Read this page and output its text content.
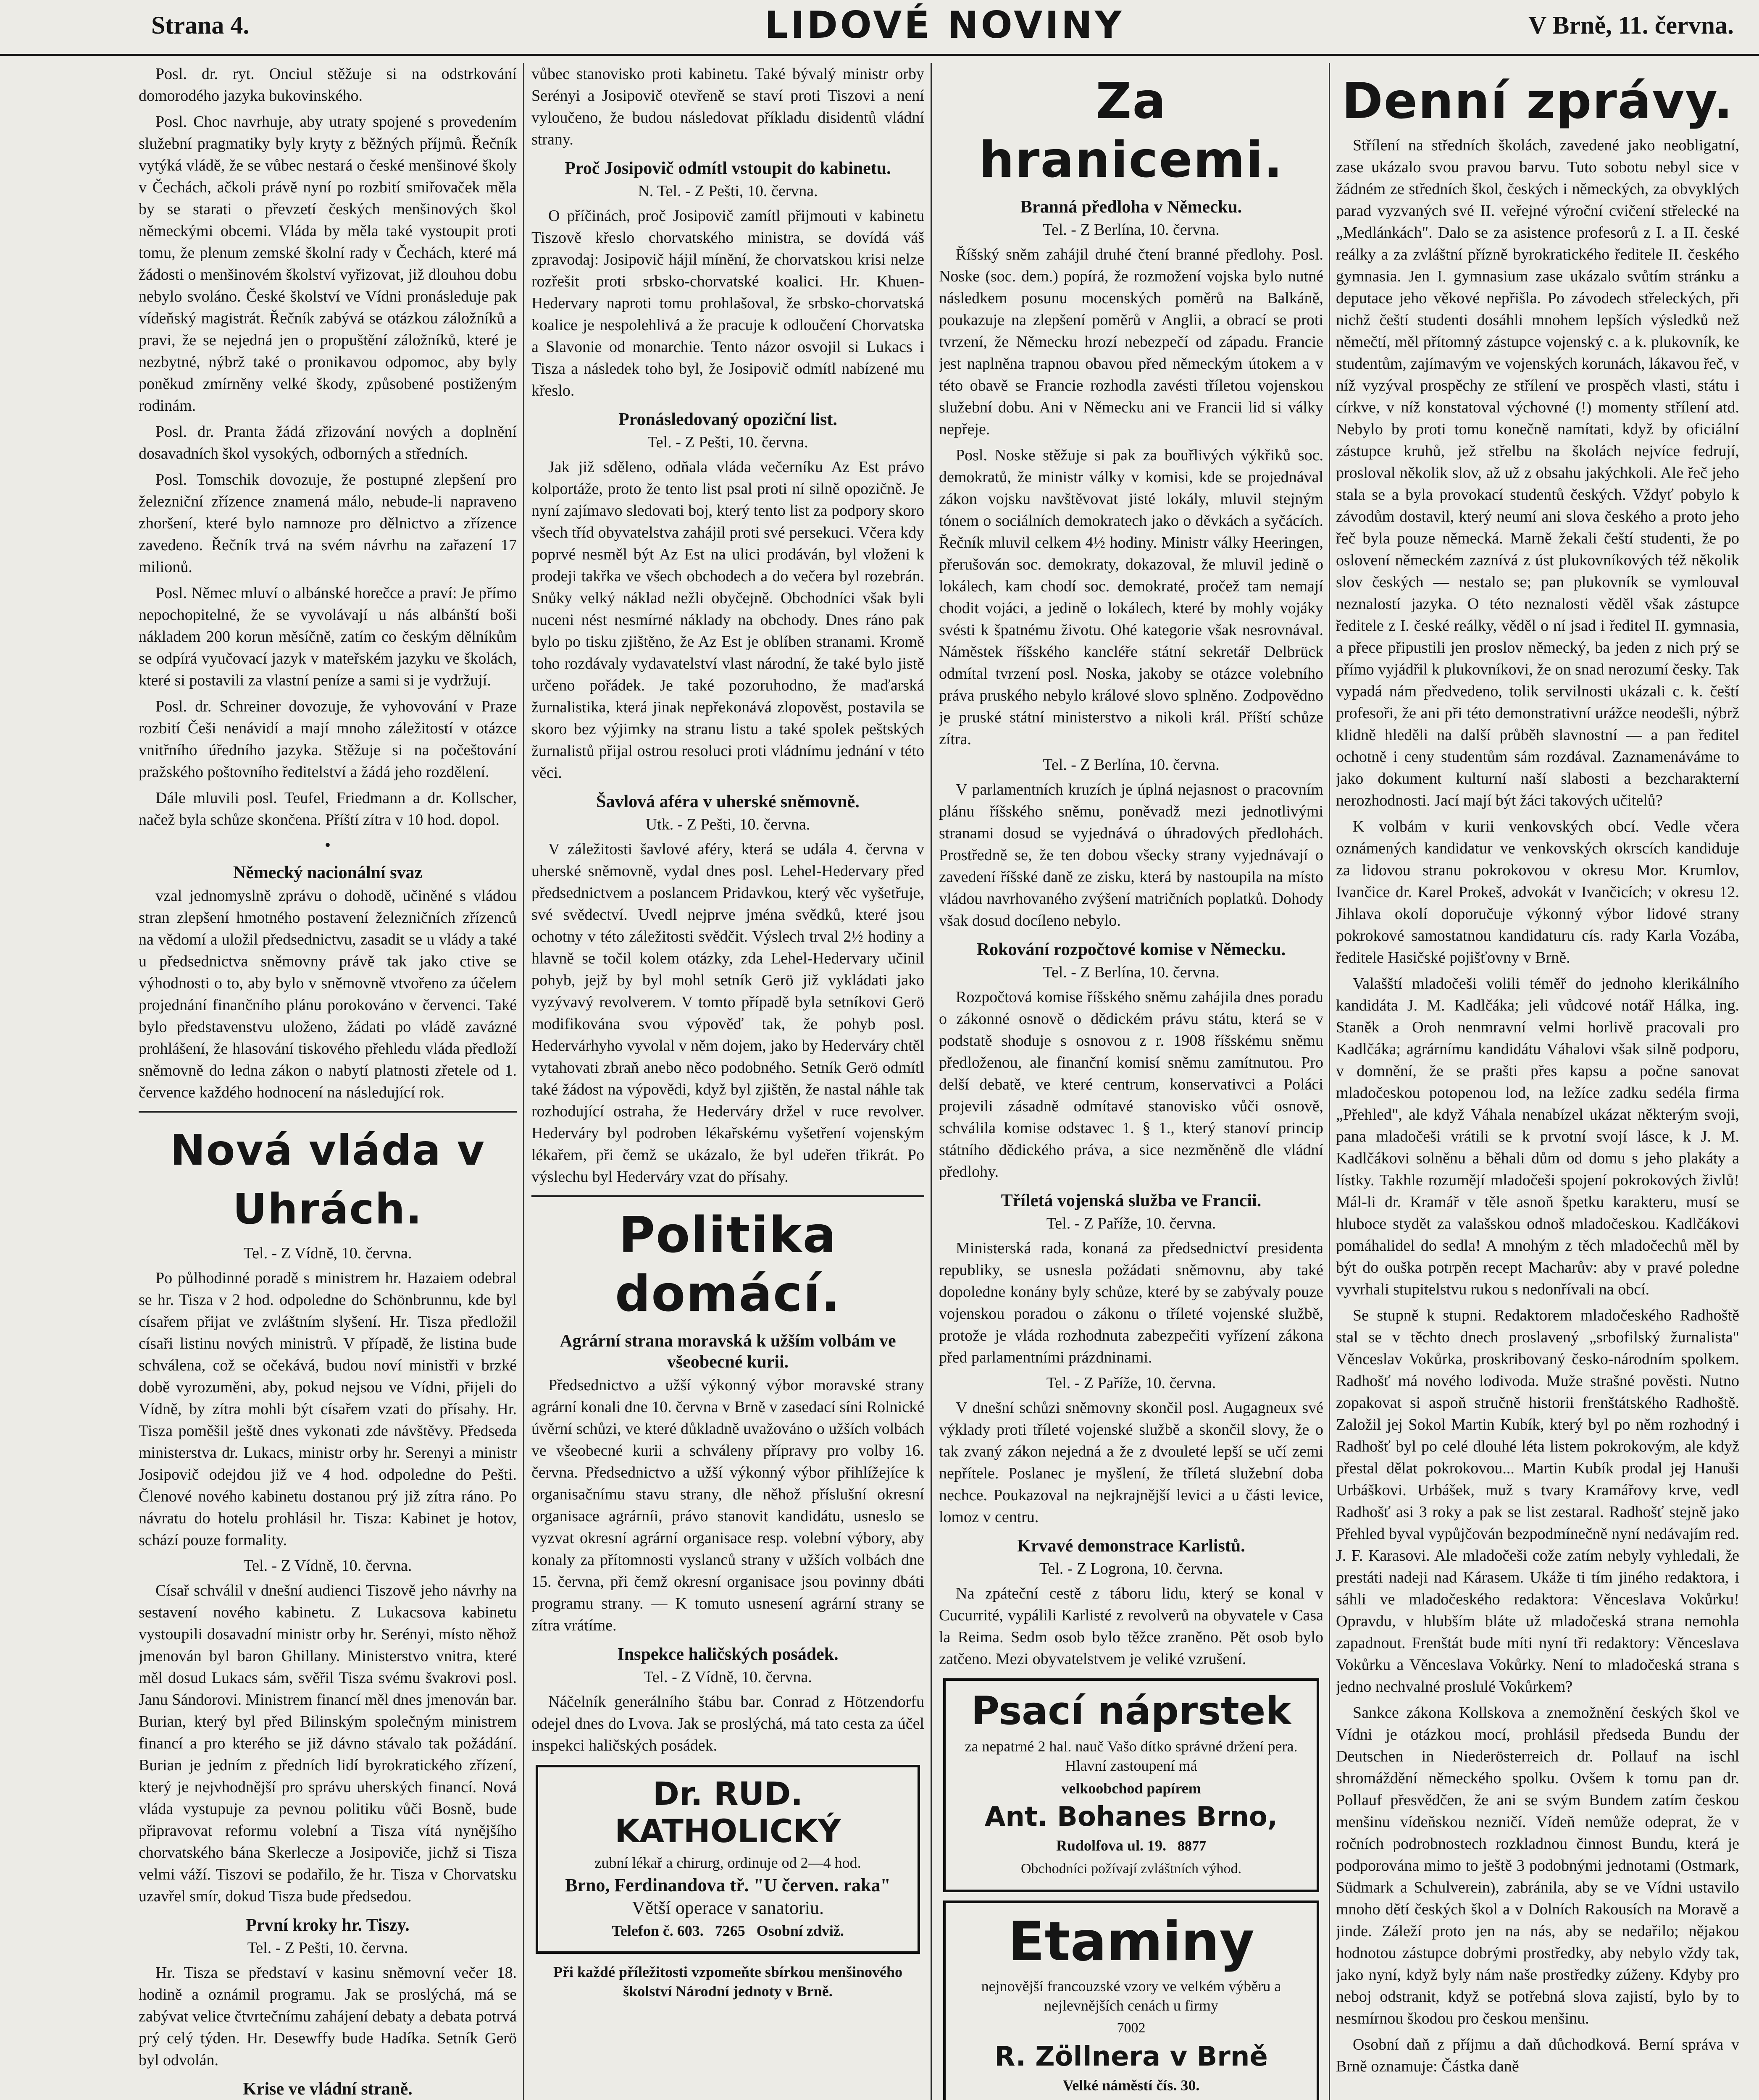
Strana 4.	LIDOVÉ NOVINY	V Brně, 11. června.

Posl. dr. ryt. Onciul stěžuje si na odstrkování domorodého jazyka bukovinského.

Posl. Choc navrhuje, aby utraty spojené s provedením služební pragmatiky byly kryty z běžných příjmů. Řečník vytýká vládě, že se vůbec nestará o české menšinové školy v Čechách, ačkoli právě nyní po rozbití smiřovaček měla by se starati o převzetí českých menšinových škol německými obcemi. Vláda by měla také vystoupit proti tomu, že plenum zemské školní rady v Čechách, které má žádosti o menšinovém školství vyřizovat, již dlouhou dobu nebylo svoláno. České školství ve Vídni pronásleduje pak vídeňský magistrát. Řečník zabývá se otázkou záložníků a pravi, že se nejedná jen o propuštění záložníků, které je nezbytné, nýbrž také o pronikavou odpomoc, aby byly poněkud zmírněny velké škody, způsobené postiženým rodinám.

Posl. dr. Pranta žádá zřizování nových a doplnění dosavadních škol vysokých, odborných a středních.

Posl. Tomschik dovozuje, že postupné zlepšení pro železniční zřízence znamená málo, nebude-li napraveno zhoršení, které bylo namnoze pro dělnictvo a zřízence zavedeno. Řečník trvá na svém návrhu na zařazení 17 milionů.

Posl. Němec mluví o albánské horečce a praví: Je přímo nepochopitelné, že se vyvolávají u nás albánští boši nákladem 200 korun měsíčně, zatím co českým dělníkům se odpírá vyučovací jazyk v mateřském jazyku ve školách, které si postavili za vlastní peníze a sami si je vydržují.

Posl. dr. Schreiner dovozuje, že vyhovování v Praze rozbití Češi nenávidí a mají mnoho záležitostí v otázce vnitřního úředního jazyka. Stěžuje si na počeštování pražského poštovního ředitelství a žádá jeho rozdělení.

Dále mluvili posl. Teufel, Friedmann a dr. Kollscher, načež byla schůze skončena. Příští zítra v 10 hod. dopol.

•
Německý nacionální svaz

vzal jednomyslně zprávu o dohodě, učiněné s vládou stran zlepšení hmotného postavení železničních zřízenců na vědomí a uložil předsednictvu, zasadit se u vlády a také u předsednictva sněmovny právě tak jako ctive se výhodnosti o to, aby bylo v sněmovně vtvořeno za účelem projednání finančního plánu porokováno v červenci. Také bylo představenstvu uloženo, žádati po vládě zavázné prohlášení, že hlasování tiskového přehledu vláda předloží sněmovně do ledna zákon o nabytí platnosti zřetele od 1. července každého hodnocení na následující rok.

Nová vláda v Uhrách.
Tel. - Z Vídně, 10. června.

Po půlhodinné poradě s ministrem hr. Hazaiem odebral se hr. Tisza v 2 hod. odpoledne do Schönbrunnu, kde byl císařem přijat ve zvláštním slyšení. Hr. Tisza předložil císaři listinu nových ministrů. V případě, že listina bude schválena, což se očekává, budou noví ministři v brzké době vyrozuměni, aby, pokud nejsou ve Vídni, přijeli do Vídně, by zítra mohli být císařem vzati do přísahy. Hr. Tisza poměšil ještě dnes vykonati zde návštěvy. Předseda ministerstva dr. Lukacs, ministr orby hr. Serenyi a ministr Josipovič odejdou již ve 4 hod. odpoledne do Pešti. Členové nového kabinetu dostanou prý již zítra ráno. Po návratu do hotelu prohlásil hr. Tisza: Kabinet je hotov, schází pouze formality.

Tel. - Z Vídně, 10. června.

Císař schválil v dnešní audienci Tiszově jeho návrhy na sestavení nového kabinetu. Z Lukacsova kabinetu vystoupili dosavadní ministr orby hr. Serényi, místo něhož jmenován byl baron Ghillany. Ministerstvo vnitra, které měl dosud Lukacs sám, svěřil Tisza svému švakrovi posl. Janu Sándorovi. Ministrem financí měl dnes jmenován bar. Burian, který byl před Bilinským společným ministrem financí a pro kterého se již dávno stávalo tak požádání. Burian je jedním z předních lidí byrokratického zřízení, který je nejvhodnější pro správu uherských financí. Nová vláda vystupuje za pevnou politiku vůči Bosně, bude připravovat reformu volební a Tisza vítá nynějšího chorvatského bána Skerlecze a Josipoviče, jichž si Tisza velmi váží. Tiszovi se podařilo, že hr. Tisza v Chorvatsku uzavřel smír, dokud Tisza bude předsedou.

První kroky hr. Tiszy.
Tel. - Z Pešti, 10. června.

Hr. Tisza se představí v kasinu sněmovní večer 18. hodině a oznámil programu. Jak se proslýchá, má se zabývat velice čtvrtečnímu zahájení debaty a debata potrvá prý celý týden. Hr. Desewffy bude Hadíka. Setník Gerö byl odvolán.

Krise ve vládní straně.

vůbec stanovisko proti kabinetu. Také bývalý ministr orby Serényi a Josipovič otevřeně se staví proti Tiszovi a není vyloučeno, že budou následovat příkladu disidentů vládní strany.

Proč Josipovič odmítl vstoupit do kabinetu.
N. Tel. - Z Pešti, 10. června.

O příčinách, proč Josipovič zamítl přijmouti v kabinetu Tiszově křeslo chorvatského ministra, se dovídá váš zpravodaj: Josipovič hájil mínění, že chorvatskou krisi nelze rozřešit proti srbsko-chorvatské koalici. Hr. Khuen-Hedervary naproti tomu prohlašoval, že srbsko-chorvatská koalice je nespolehlivá a že pracuje k odloučení Chorvatska a Slavonie od monarchie. Tento názor osvojil si Lukacs i Tisza a následek toho byl, že Josipovič odmítl nabízené mu křeslo.

Pronásledovaný opoziční list.
Tel. - Z Pešti, 10. června.

Jak již sděleno, odňala vláda večerníku Az Est právo kolportáže, proto že tento list psal proti ní silně opozičně. Je nyní zajímavo sledovati boj, který tento list za podpory skoro všech tříd obyvatelstva zahájil proti své persekuci. Včera kdy poprvé nesměl být Az Est na ulici prodáván, byl vloženi k prodeji takřka ve všech obchodech a do večera byl rozebrán. Snůky velký náklad nežli obyčejně. Obchodníci však byli nuceni nést nesmírné náklady na obchody. Dnes ráno pak bylo po tisku zjištěno, že Az Est je oblíben stranami. Kromě toho rozdávaly vydavatelství vlast národní, že také bylo jistě určeno pořádek. Je také pozoruhodno, že maďarská žurnalistika, která jinak nepřekonává zlopověst, postavila se skoro bez výjimky na stranu listu a také spolek peštských žurnalistů přijal ostrou resoluci proti vládnímu jednání v této věci.

Šavlová aféra v uherské sněmovně.
Utk. - Z Pešti, 10. června.

V záležitosti šavlové aféry, která se udála 4. června v uherské sněmovně, vydal dnes posl. Lehel-Hedervary před předsednictvem a poslancem Pridavkou, který věc vyšetřuje, své svědectví. Uvedl nejprve jména svědků, které jsou ochotny v této záležitosti svědčit. Výslech trval 2½ hodiny a hlavně se točil kolem otázky, zda Lehel-Hedervary učinil pohyb, jejž by byl mohl setník Gerö již vykládati jako vyzývavý revolverem. V tomto případě byla setníkovi Gerö modifikována svou výpověď tak, že pohyb posl. Hedervárhyho vyvolal v něm dojem, jako by Hederváry chtěl vytahovati zbraň anebo něco podobného. Setník Gerö odmítl také žádost na výpovědi, když byl zjištěn, že nastal náhle tak rozhodující ostraha, že Hederváry držel v ruce revolver. Hederváry byl podroben lékařskému vyšetření vojenským lékařem, při čemž se ukázalo, že byl udeřen třikrát. Po výslechu byl Hederváry vzat do přísahy.

Politika domácí.
Agrární strana moravská k užším volbám ve všeobecné kurii.

Předsednictvo a užší výkonný výbor moravské strany agrární konali dne 10. června v Brně v zasedací síni Rolnické úvěrní schůzi, ve které důkladně uvažováno o užších volbách ve všeobecné kurii a schváleny přípravy pro volby 16. června. Předsednictvo a užší výkonný výbor přihlížejíce k organisačnímu stavu strany, dle něhož příslušní okresní organisace agrárníi, právo stanovit kandidátu, usneslo se vyzvat okresní agrární organisace resp. volební výbory, aby konaly za přítomnosti vyslanců strany v užších volbách dne 15. června, při čemž okresní organisace jsou povinny dbáti programu strany. — K tomuto usnesení agrární strany se zítra vrátíme.

Inspekce haličských posádek.
Tel. - Z Vídně, 10. června.

Náčelník generálního štábu bar. Conrad z Hötzendorfu odejel dnes do Lvova. Jak se proslýchá, má tato cesta za účel inspekci haličských posádek.

Dr. RUD. KATHOLICKÝ

zubní lékař a chirurg, ordinuje od 2—4 hod.

Brno, Ferdinandova tř. "U červen. raka"

Větší operace v sanatoriu.

Telefon č. 603. 7265 Osobní zdviž.

Při každé příležitosti vzpomeňte sbírkou menšinového školství Národní jednoty v Brně.
Za hranicemi.
Branná předloha v Německu.
Tel. - Z Berlína, 10. června.

Říšský sněm zahájil druhé čtení branné předlohy. Posl. Noske (soc. dem.) popírá, že rozmožení vojska bylo nutné následkem posunu mocenských poměrů na Balkáně, poukazuje na zlepšení poměrů v Anglii, a obrací se proti tvrzení, že Německu hrozí nebezpečí od západu. Francie jest naplněna trapnou obavou před německým útokem a v této obavě se Francie rozhodla zavésti tříletou vojenskou služební dobu. Ani v Německu ani ve Francii lid si války nepřeje.

Posl. Noske stěžuje si pak za bouřlivých výkřiků soc. demokratů, že ministr války v komisi, kde se projednával zákon vojsku navštěvovat jisté lokály, mluvil stejným tónem o sociálních demokratech jako o děvkách a syčácích. Řečník mluvil celkem 4½ hodiny. Ministr války Heeringen, přerušován soc. demokraty, dokazoval, že mluvil jedině o lokálech, kam chodí soc. demokraté, pročež tam nemají chodit vojáci, a jedině o lokálech, které by mohly vojáky svésti k špatnému životu. Ohé kategorie však nesrovnával. Náměstek říšského kancléře státní sekretář Delbrück odmítal tvrzení posl. Noska, jakoby se otázce volebního práva pruského nebylo králové slovo splněno. Zodpovědno je pruské státní ministerstvo a nikoli král. Příští schůze zítra.

Tel. - Z Berlína, 10. června.

V parlamentních kruzích je úplná nejasnost o pracovním plánu říšského sněmu, poněvadž mezi jednotlivými stranami dosud se vyjednává o úhradových předlohách. Prostředně se, že ten dobou všecky strany vyjednávají o zavedení říšské daně ze zisku, která by nastoupila na místo vládou navrhovaného zvýšení matričních poplatků. Dohody však dosud docíleno nebylo.

Rokování rozpočtové komise v Německu.
Tel. - Z Berlína, 10. června.

Rozpočtová komise říšského sněmu zahájila dnes poradu o zákonné osnově o dědickém právu státu, která se v podstatě shoduje s osnovou z r. 1908 říšskému sněmu předloženou, ale finanční komisí sněmu zamítnutou. Pro delší debatě, ve které centrum, konservativci a Poláci projevili zásadně odmítavé stanovisko vůči osnově, schválila komise odstavec 1. § 1., který stanoví princip státního dědického práva, a sice nezměněně dle vládní předlohy.

Tříletá vojenská služba ve Francii.
Tel. - Z Paříže, 10. června.

Ministerská rada, konaná za předsednictví presidenta republiky, se usnesla požádati sněmovnu, aby také dopoledne konány byly schůze, které by se zabývaly pouze vojenskou poradou o zákonu o tříleté vojenské službě, protože je vláda rozhodnuta zabezpečiti vyřízení zákona před parlamentními prázdninami.

Tel. - Z Paříže, 10. června.

V dnešní schůzi sněmovny skončil posl. Augagneux své výklady proti tříleté vojenské službě a skončil slovy, že o tak zvaný zákon nejedná a že z dvouleté lepší se učí zemi nepřítele. Poslanec je myšlení, že tříletá služební doba nechce. Poukazoval na nejkrajnější levici a u části levice, lomoz v centru.

Krvavé demonstrace Karlistů.
Tel. - Z Logrona, 10. června.

Na zpáteční cestě z táboru lidu, který se konal v Cucurrité, vypálili Karlisté z revolverů na obyvatele v Casa la Reima. Sedm osob bylo těžce zraněno. Pět osob bylo zatčeno. Mezi obyvatelstvem je veliké vzrušení.

Psací náprstek

za nepatrné 2 hal. nauč Vašo dítko správné držení pera. Hlavní zastoupení má

velkoobchod papírem

Ant. Bohanes Brno,

Rudolfova ul. 19. 8877

Obchodníci požívají zvláštních výhod.

Etaminy

nejnovější francouzské vzory ve velkém výběru a nejlevnějších cenách u firmy

7002

R. Zöllnera v Brně

Velké náměstí čís. 30.

Denní zprávy.

Střílení na středních školách, zavedené jako neobligatní, zase ukázalo svou pravou barvu. Tuto sobotu nebyl sice v žádném ze středních škol, českých i německých, za obvyklých parad vyzvaných své II. veřejné výroční cvičení střelecké na „Medlánkách". Dalo se za asistence profesorů z I. a II. české reálky a za zvláštní přízně byrokratického ředitele II. českého gymnasia. Jen I. gymnasium zase ukázalo svůtím stránku a deputace jeho věkové nepřišla. Po závodech střeleckých, při nichž čeští studenti dosáhli mnohem lepších výsledků než němečtí, měl přítomný zástupce vojenský c. a k. plukovník, ke studentům, zajímavým ve vojenských korunách, lákavou řeč, v níž vyzýval prospěchy ze střílení ve prospěch vlasti, státu i církve, v níž konstatoval výchovné (!) momenty střílení atd. Nebylo by proti tomu konečně namítati, když by oficiální zástupce kruhů, jež střelbu na školách nejvíce fedrují, prosloval několik slov, až už z obsahu jakýchkoli. Ale řeč jeho stala se a byla provokací studentů českých. Vždyť pobylo k závodům dostavil, který neumí ani slova českého a proto jeho řeč byla pouze německá. Marně žekali čeští studenti, že po oslovení německém zaznívá z úst plukovníkových též několik slov českých — nestalo se; pan plukovník se vymlouval neznalostí jazyka. O této neznalosti věděl však zástupce ředitele z I. české reálky, věděl o ní jsad i ředitel II. gymnasia, a přece připustili jen proslov německý, ba jeden z nich prý se přímo vyjádřil k plukovníkovi, že on snad nerozumí česky. Tak vypadá nám předvedeno, tolik servilnosti ukázali c. k. čeští profesoři, že ani při této demonstrativní urážce neodešli, nýbrž klidně hleděli na další průběh slavnostní — a pan ředitel ochotně i ceny studentům sám rozdával. Zaznamenáváme to jako dokument kulturní naší slabosti a bezcharakterní nerozhodnosti. Jací mají být žáci takových učitelů?

K volbám v kurii venkovských obcí. Vedle včera oznámených kandidatur ve venkovských okrscích kandiduje za lidovou stranu pokrokovou v okresu Mor. Krumlov, Ivančice dr. Karel Prokeš, advokát v Ivančicích; v okresu 12. Jihlava okolí doporučuje výkonný výbor lidové strany pokrokové samostatnou kandidaturu cís. rady Karla Vozába, ředitele Hasičské pojišťovny v Brně.

Valašští mladočeši volili téměř do jednoho klerikálního kandidáta J. M. Kadlčáka; jeli vůdcové notář Hálka, ing. Staněk a Oroh nenmravní velmi horlivě pracovali pro Kadlčáka; agrárnímu kandidátu Váhalovi však silně podporu, v domnění, že se prašti přes kapsu a počne sanovat mladočeskou potopenou lod, na ležíce zadku sedéla firma „Přehled", ale když Váhala nenabízel ukázat některým svoji, pana mladočeši vrátili se k prvotní svojí lásce, k J. M. Kadlčákovi solněnu a běhali dům od domu s jeho plakáty a lístky. Takhle rozumějí mladočeši spojení pokrokových živlů! Mál-li dr. Kramář v těle asnoň špetku karakteru, musí se hluboce stydět za valašskou odnoš mladočeskou. Kadlčákovi pomáhalidel do sedla! A mnohým z těch mladočechů měl by být do ouška potrpěn recept Macharův: aby v pravé poledne vyvrhali stupitelstvu rukou s nedonřívali na obcí.

Se stupně k stupni. Redaktorem mladočeského Radhoště stal se v těchto dnech proslavený „srbofilský žurnalista" Věnceslav Vokůrka, proskribovaný česko-národním spolkem. Radhošť má nového lodivoda. Muže strašné pověsti. Nutno zopakovat si aspoň stručně historii frenštátského Radhoště. Založil jej Sokol Martin Kubík, který byl po něm rozhodný i Radhošť byl po celé dlouhé léta listem pokrokovým, ale když přestal dělat pokrokovou... Martin Kubík prodal jej Hanuši Urbáškovi. Urbášek, muž s tvary Kramářovy krve, vedl Radhošť asi 3 roky a pak se list zestaral. Radhošť stejně jako Přehled byval vypůjčován bezpodmínečně nyní nedávajím red. J. F. Karasovi. Ale mladočeši cože zatím nebyly vyhledali, že prestáti nadeji nad Kárasem. Ukáže ti tím jiného redaktora, i sáhli ve mladočeského redaktora: Věnceslava Vokůrku! Opravdu, v hlubším bláte už mladočeská strana nemohla zapadnout. Frenštát bude míti nyní tři redaktory: Věnceslava Vokůrku a Věnceslava Vokůrky. Není to mladočeská strana s jedno nechvalné proslulé Vokůrkem?

Sankce zákona Kollskova a znemožnění českých škol ve Vídni je otázkou mocí, prohlásil předseda Bundu der Deutschen in Niederösterreich dr. Pollauf na ischl shromáždění německého spolku. Ovšem k tomu pan dr. Pollauf přesvědčen, že ani se svým Bundem zatím českou menšinu vídeňskou nezničí. Vídeň nemůže odeprat, že v ročních podrobnostech rozkladnou činnost Bundu, která je podporována mimo to ještě 3 podobnými jednotami (Ostmark, Südmark a Schulverein), zabránila, aby se ve Vídni ustavilo mnoho dětí českých škol a v Dolních Rakousích na Moravě a jinde. Záleží proto jen na nás, aby se nedařilo; nějakou hodnotou zástupce dobrými prostředky, aby nebylo vždy tak, jako nyní, když byly nám naše prostředky zúženy. Kdyby pro neboj odstranit, když se potřebná slova zajistí, bylo by to nesmírnou škodou pro českou menšinu.

Osobní daň z příjmu a daň důchodková. Berní správa v Brně oznamuje: Částka daně
